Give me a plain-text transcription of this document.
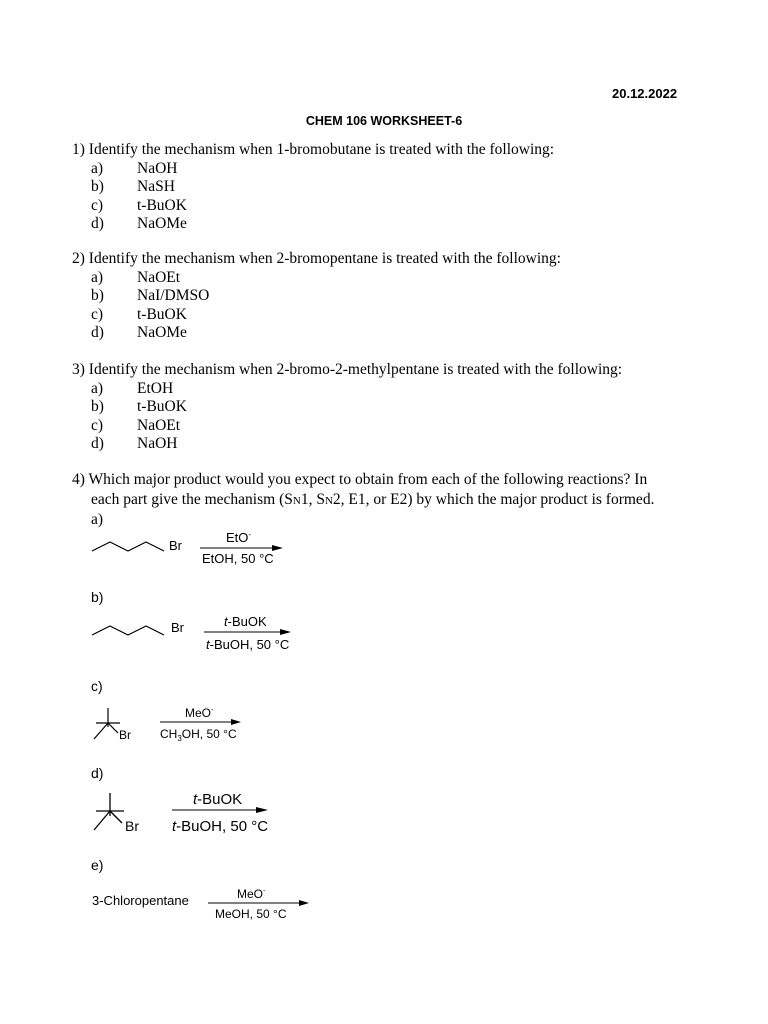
20.12.2022
CHEM 106 WORKSHEET-6
1) Identify the mechanism when 1-bromobutane is treated with the following:
a) NaOH
b) NaSH
c) t-BuOK
d) NaOMe
2) Identify the mechanism when 2-bromopentane is treated with the following:
a) NaOEt
b) NaI/DMSO
c) t-BuOK
d) NaOMe
3) Identify the mechanism when 2-bromo-2-methylpentane is treated with the following:
a) EtOH
b) t-BuOK
c) NaOEt
d) NaOH
4) Which major product would you expect to obtain from each of the following reactions? In
each part give the mechanism (SN1, SN2, E1, or E2) by which the major product is formed.
a)
Br
EtO-
EtOH, 50 °C
b)
Br	t-BuOK
t-BuOH, 50 °C
c)
Br
MeO-
$CH_3OH$, 50 °C
d)
Br
t-BuOK
t-BuOH, 50 °C
e)
3-Chloropentane	MeO-
MeOH, 50 °C
